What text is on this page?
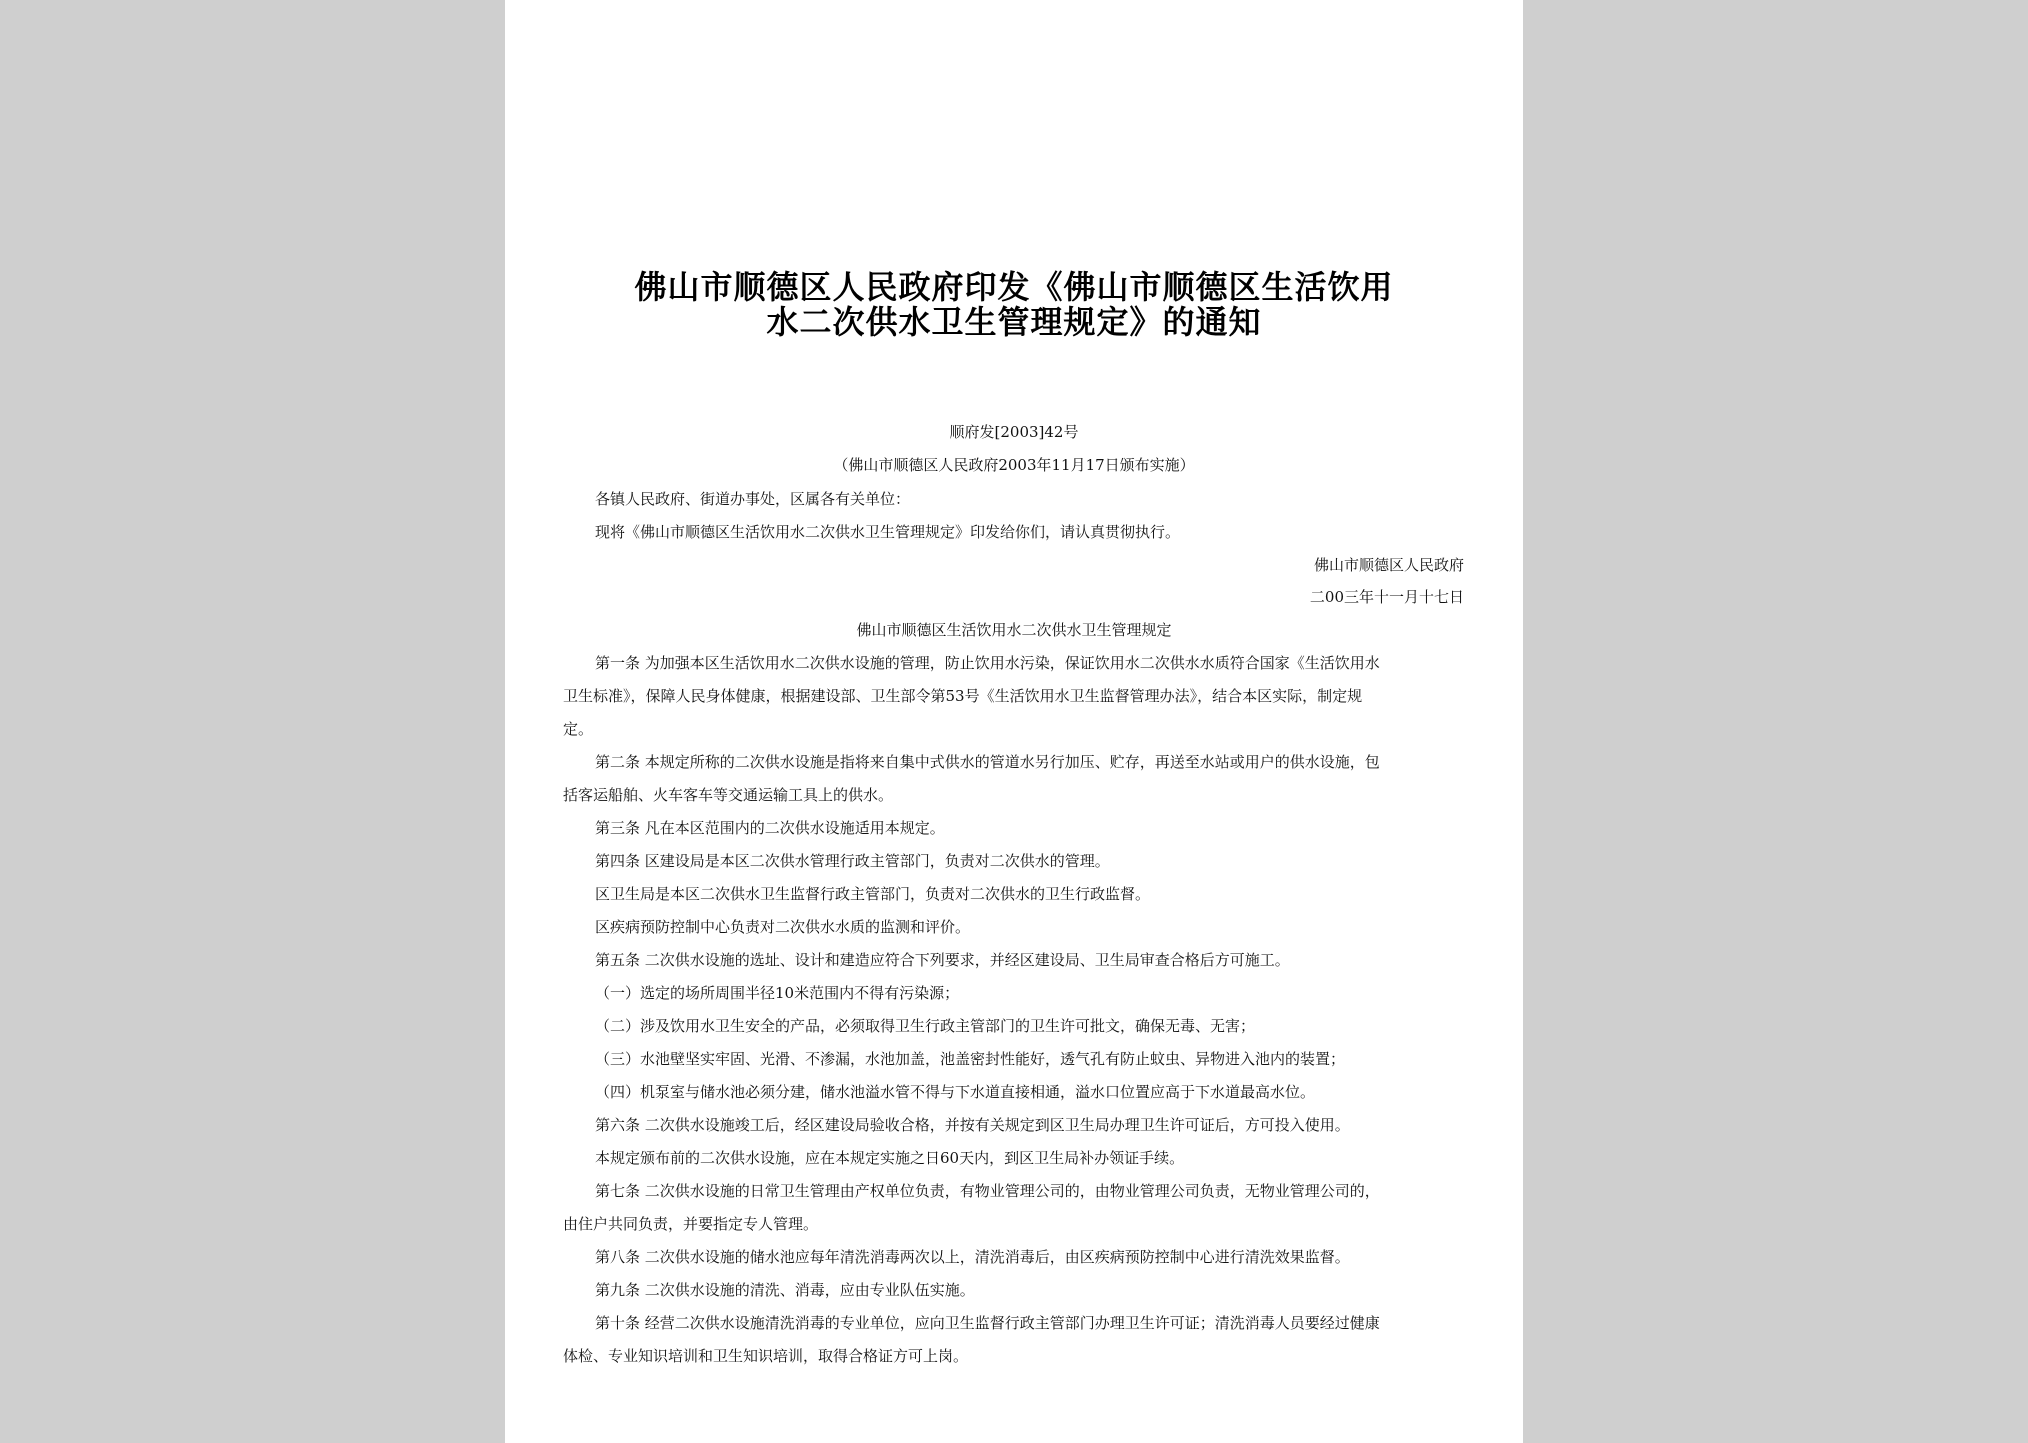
佛山市顺德区人民政府印发《佛山市顺德区生活饮用
水二次供水卫生管理规定》的通知
顺府发[2003]42号
（佛山市顺德区人民政府2003年11月17日颁布实施）
各镇人民政府、街道办事处，区属各有关单位：
现将《佛山市顺德区生活饮用水二次供水卫生管理规定》印发给你们，请认真贯彻执行。
佛山市顺德区人民政府
二00三年十一月十七日
佛山市顺德区生活饮用水二次供水卫生管理规定
第一条 为加强本区生活饮用水二次供水设施的管理，防止饮用水污染，保证饮用水二次供水水质符合国家《生活饮用水
卫生标准》，保障人民身体健康，根据建设部、卫生部令第53号《生活饮用水卫生监督管理办法》，结合本区实际，制定规
定。
第二条 本规定所称的二次供水设施是指将来自集中式供水的管道水另行加压、贮存，再送至水站或用户的供水设施，包
括客运船舶、火车客车等交通运输工具上的供水。
第三条 凡在本区范围内的二次供水设施适用本规定。
第四条 区建设局是本区二次供水管理行政主管部门，负责对二次供水的管理。
区卫生局是本区二次供水卫生监督行政主管部门，负责对二次供水的卫生行政监督。
区疾病预防控制中心负责对二次供水水质的监测和评价。
第五条 二次供水设施的选址、设计和建造应符合下列要求，并经区建设局、卫生局审查合格后方可施工。
（一）选定的场所周围半径10米范围内不得有污染源；
（二）涉及饮用水卫生安全的产品，必须取得卫生行政主管部门的卫生许可批文，确保无毒、无害；
（三）水池壁坚实牢固、光滑、不渗漏，水池加盖，池盖密封性能好，透气孔有防止蚊虫、异物进入池内的装置；
（四）机泵室与储水池必须分建，储水池溢水管不得与下水道直接相通，溢水口位置应高于下水道最高水位。
第六条 二次供水设施竣工后，经区建设局验收合格，并按有关规定到区卫生局办理卫生许可证后，方可投入使用。
本规定颁布前的二次供水设施，应在本规定实施之日60天内，到区卫生局补办领证手续。
第七条 二次供水设施的日常卫生管理由产权单位负责，有物业管理公司的，由物业管理公司负责，无物业管理公司的，
由住户共同负责，并要指定专人管理。
第八条 二次供水设施的储水池应每年清洗消毒两次以上，清洗消毒后，由区疾病预防控制中心进行清洗效果监督。
第九条 二次供水设施的清洗、消毒，应由专业队伍实施。
第十条 经营二次供水设施清洗消毒的专业单位，应向卫生监督行政主管部门办理卫生许可证；清洗消毒人员要经过健康
体检、专业知识培训和卫生知识培训，取得合格证方可上岗。
